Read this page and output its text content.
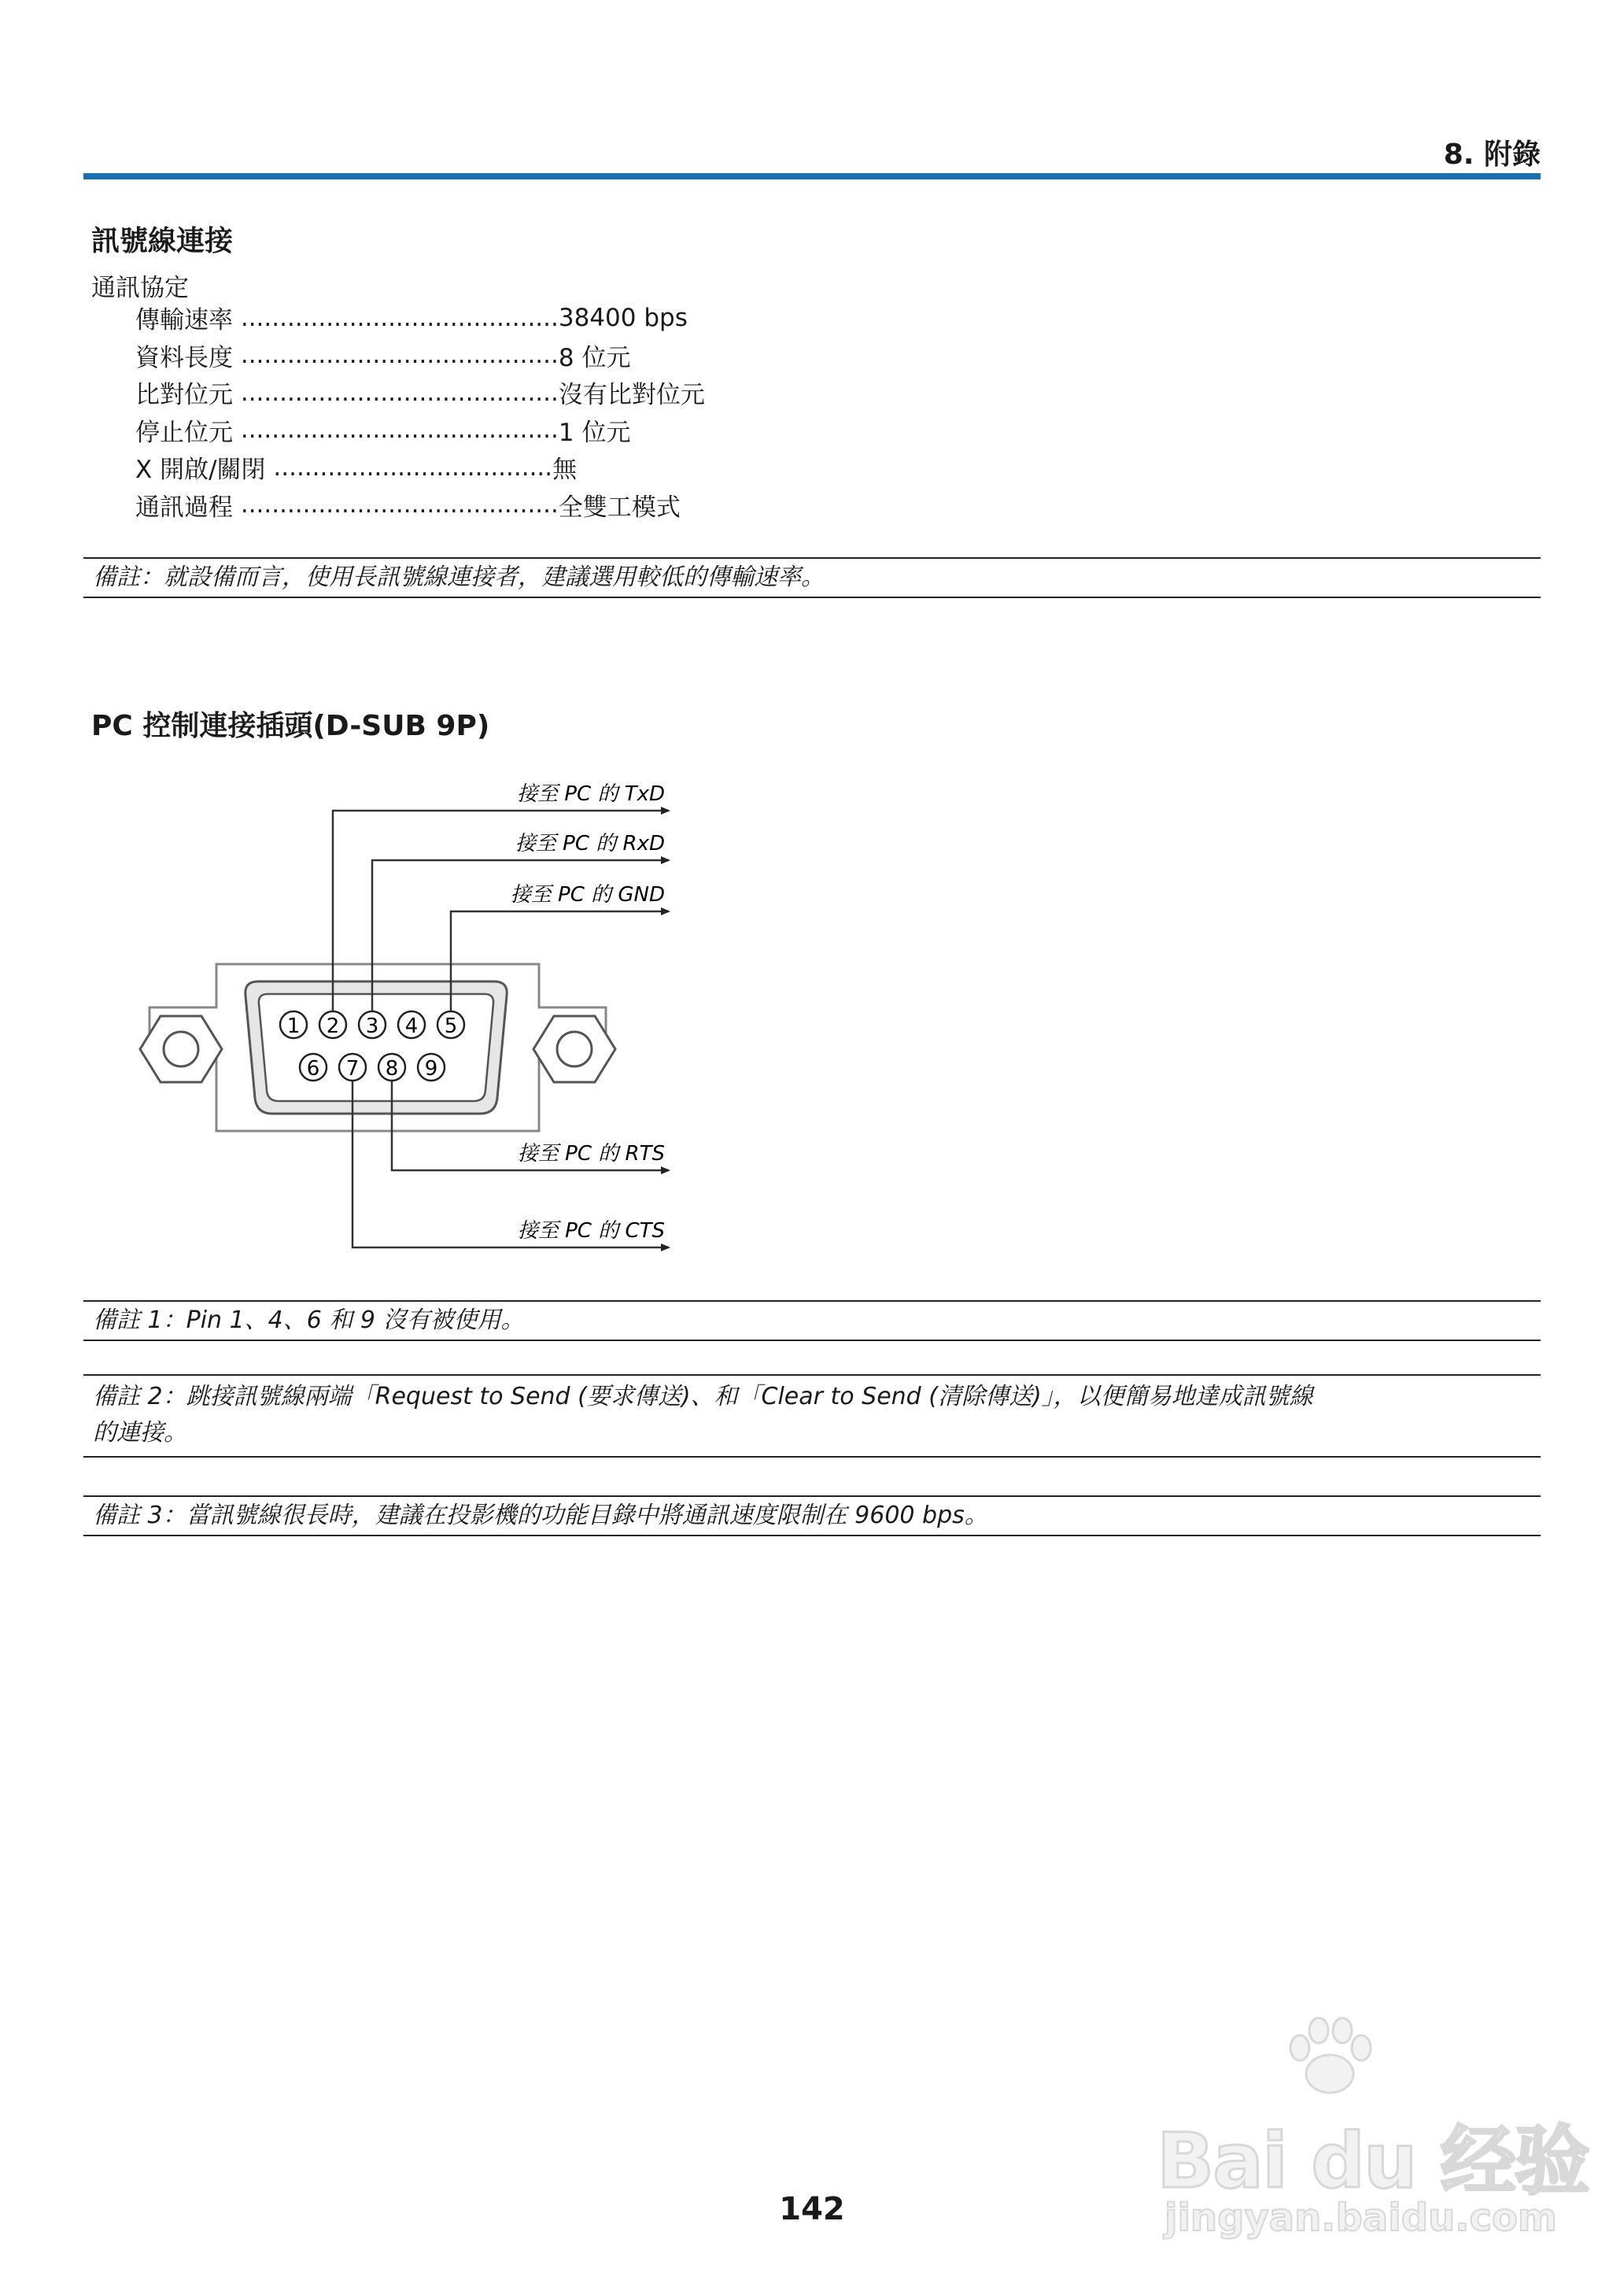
8. 附錄
訊號線連接
通訊協定
傳輸速率 ......................................... 38400 bps
資料長度 ......................................... 8 位元
比對位元 ......................................... 沒有比對位元
停止位元 ......................................... 1 位元
X 開啟/關閉 .................................... 無
通訊過程 ......................................... 全雙工模式
備註：就設備而言，使用長訊號線連接者，建議選用較低的傳輸速率。
PC 控制連接插頭(D-SUB 9P)
1 2 3 4 5
6 7 8 9
接至 PC 的 TxD
接至 PC 的 RxD
接至 PC 的 GND
接至 PC 的 RTS
接至 PC 的 CTS
備註 1：Pin 1、4、6 和 9 沒有被使用。
備註 2：跳接訊號線兩端「Request to Send (要求傳送)、和「Clear to Send (清除傳送)」，以便簡易地達成訊號線
的連接。
備註 3：當訊號線很長時，建議在投影機的功能目錄中將通訊速度限制在 9600 bps。
142
Bai du 经验
jingyan.baidu.com
